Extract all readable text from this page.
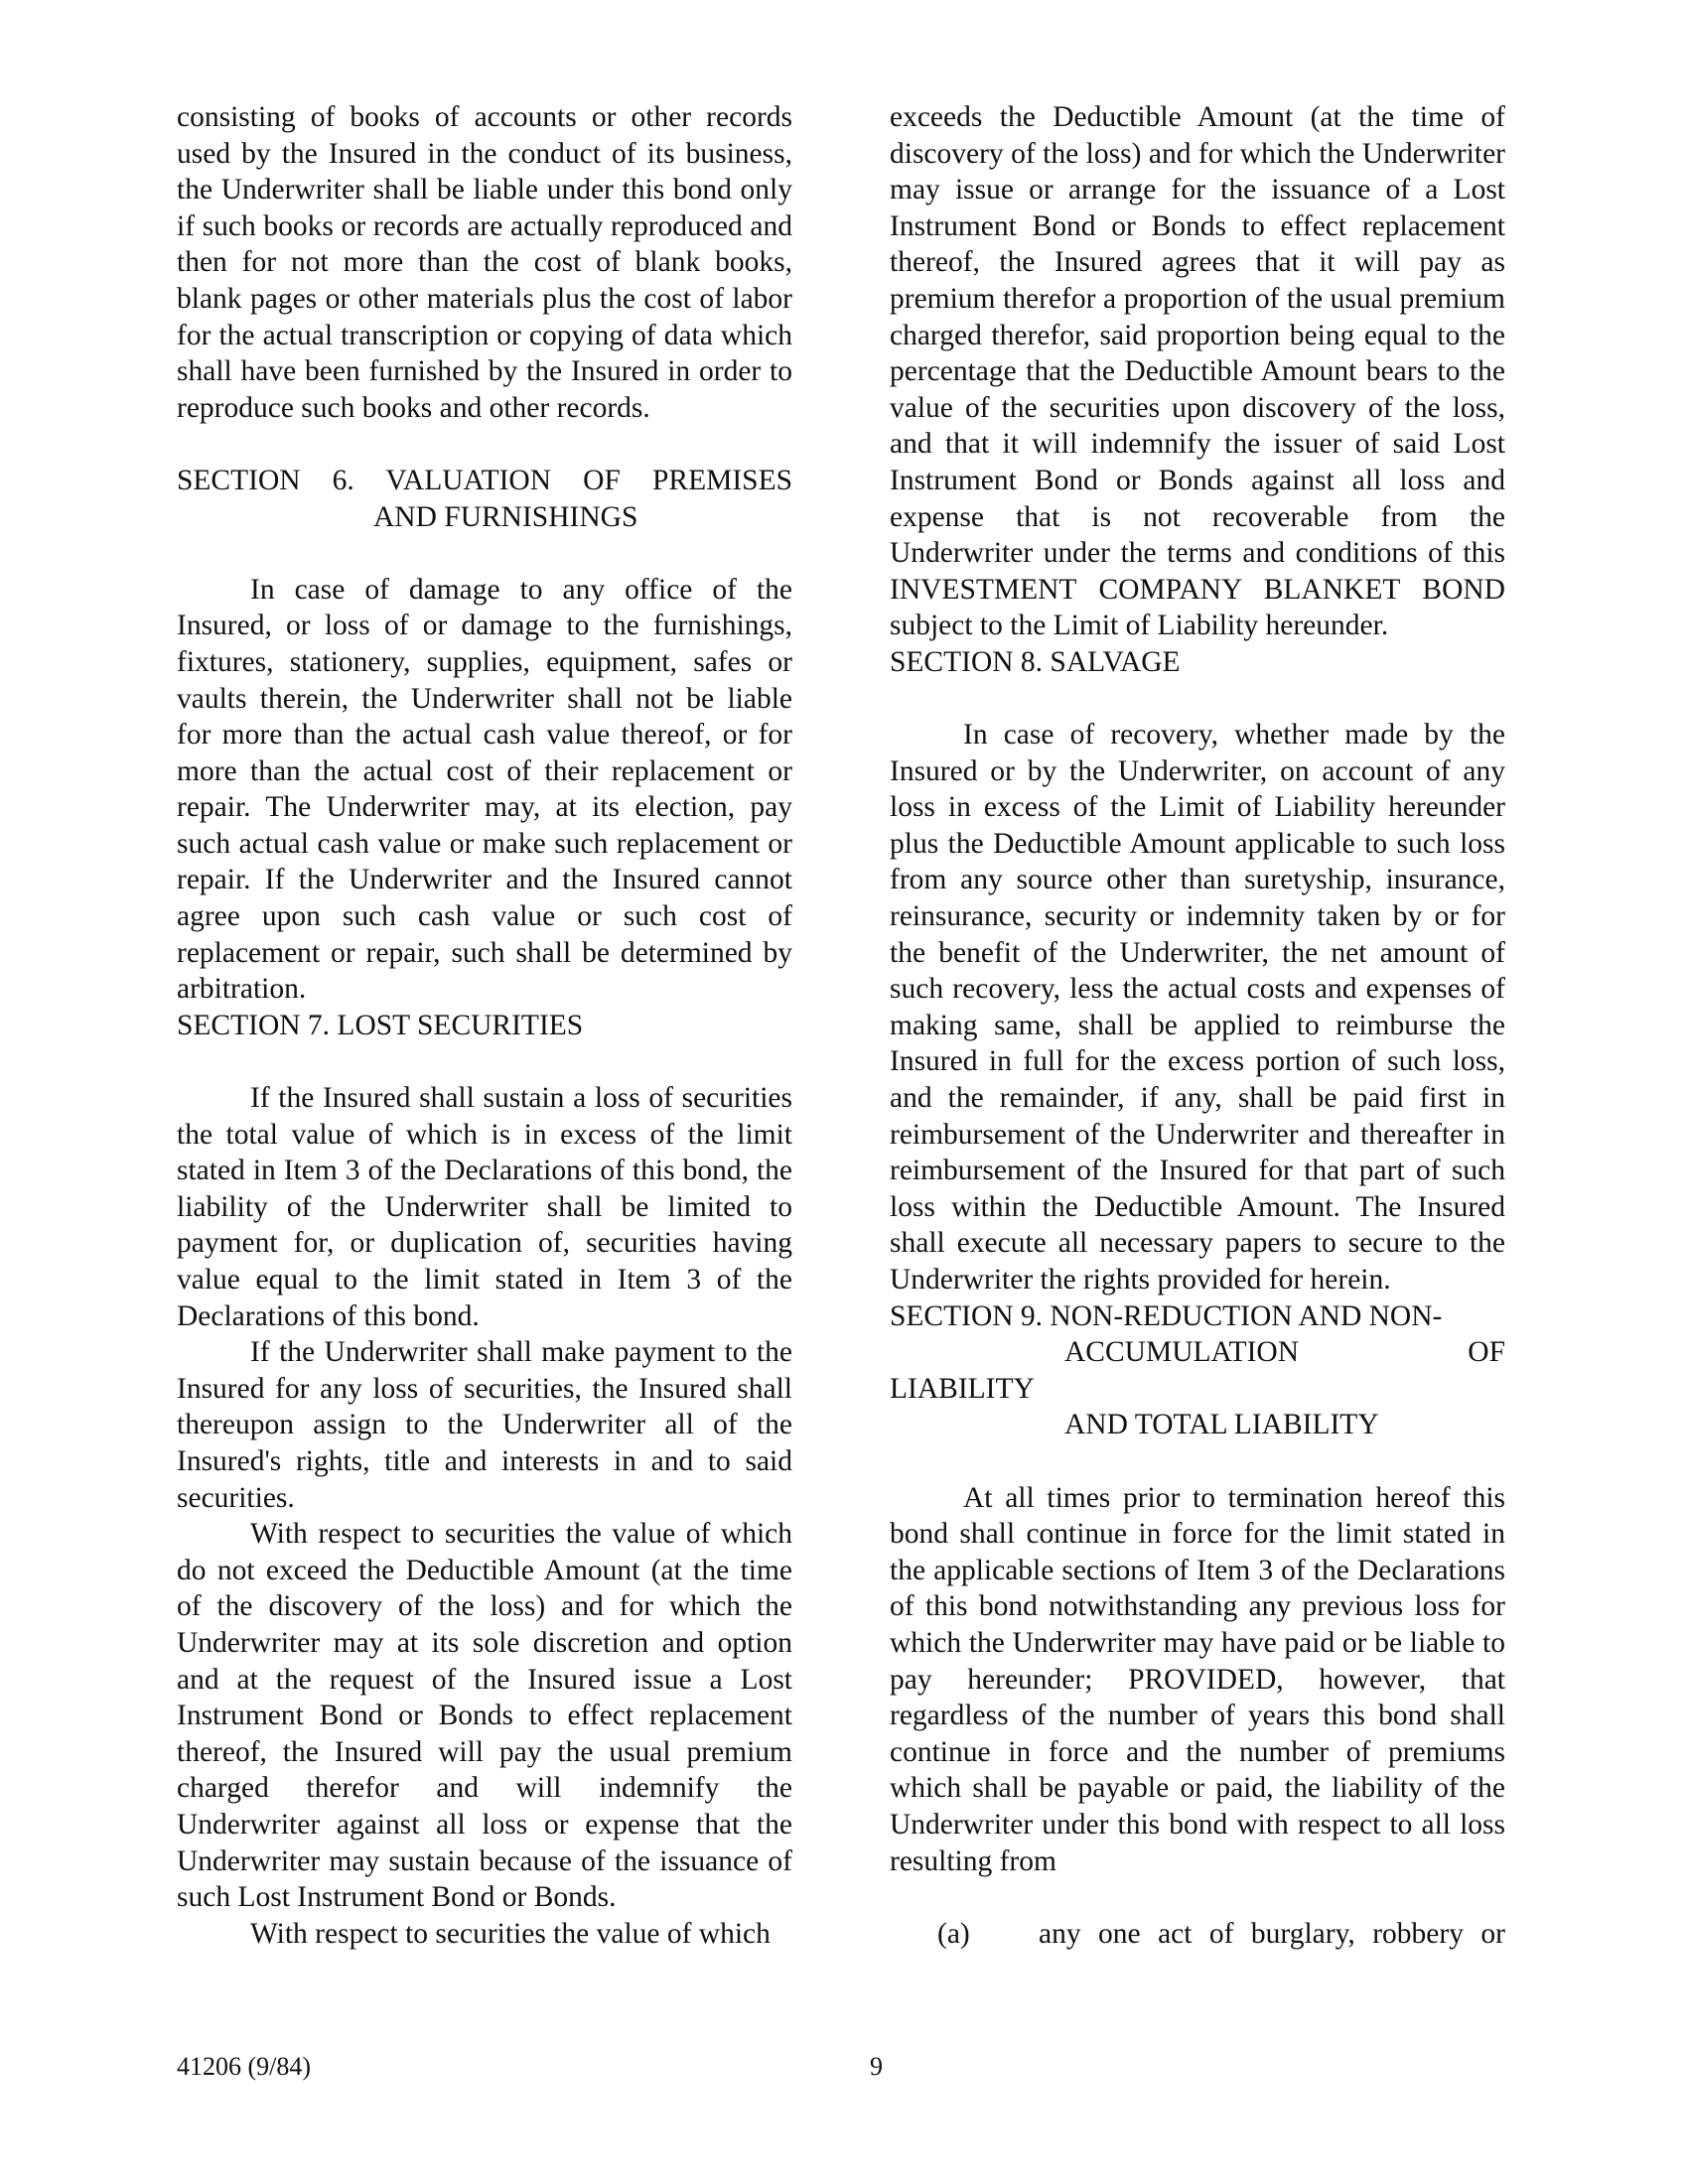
consisting of books of accounts or other records used by the Insured in the conduct of its business, the Underwriter shall be liable under this bond only if such books or records are actually reproduced and then for not more than the cost of blank books, blank pages or other materials plus the cost of labor for the actual transcription or copying of data which shall have been furnished by the Insured in order to reproduce such books and other records.

SECTION 6. VALUATION OF PREMISES

AND FURNISHINGS

In case of damage to any office of the Insured, or loss of or damage to the furnishings, fixtures, stationery, supplies, equipment, safes or vaults therein, the Underwriter shall not be liable for more than the actual cash value thereof, or for more than the actual cost of their replacement or repair. The Underwriter may, at its election, pay such actual cash value or make such replacement or repair. If the Underwriter and the Insured cannot agree upon such cash value or such cost of replacement or repair, such shall be determined by arbitration.

SECTION 7. LOST SECURITIES

If the Insured shall sustain a loss of securities the total value of which is in excess of the limit stated in Item 3 of the Declarations of this bond, the liability of the Underwriter shall be limited to payment for, or duplication of, securities having value equal to the limit stated in Item 3 of the Declarations of this bond.

If the Underwriter shall make payment to the Insured for any loss of securities, the Insured shall thereupon assign to the Underwriter all of the Insured's rights, title and interests in and to said securities.

With respect to securities the value of which do not exceed the Deductible Amount (at the time of the discovery of the loss) and for which the Underwriter may at its sole discretion and option and at the request of the Insured issue a Lost Instrument Bond or Bonds to effect replacement thereof, the Insured will pay the usual premium charged therefor and will indemnify the Underwriter against all loss or expense that the Underwriter may sustain because of the issuance of such Lost Instrument Bond or Bonds.

With respect to securities the value of which

exceeds the Deductible Amount (at the time of discovery of the loss) and for which the Underwriter may issue or arrange for the issuance of a Lost Instrument Bond or Bonds to effect replacement thereof, the Insured agrees that it will pay as premium therefor a proportion of the usual premium charged therefor, said proportion being equal to the percentage that the Deductible Amount bears to the value of the securities upon discovery of the loss, and that it will indemnify the issuer of said Lost Instrument Bond or Bonds against all loss and expense that is not recoverable from the Underwriter under the terms and conditions of this INVESTMENT COMPANY BLANKET BOND subject to the Limit of Liability hereunder.

SECTION 8. SALVAGE

In case of recovery, whether made by the Insured or by the Underwriter, on account of any loss in excess of the Limit of Liability hereunder plus the Deductible Amount applicable to such loss from any source other than suretyship, insurance, reinsurance, security or indemnity taken by or for the benefit of the Underwriter, the net amount of such recovery, less the actual costs and expenses of making same, shall be applied to reimburse the Insured in full for the excess portion of such loss, and the remainder, if any, shall be paid first in reimbursement of the Underwriter and thereafter in reimbursement of the Insured for that part of such loss within the Deductible Amount. The Insured shall execute all necessary papers to secure to the Underwriter the rights provided for herein.

SECTION 9. NON-REDUCTION AND NON-
ACCUMULATION	OF
LIABILITY
AND TOTAL LIABILITY

At all times prior to termination hereof this bond shall continue in force for the limit stated in the applicable sections of Item 3 of the Declarations of this bond notwithstanding any previous loss for which the Underwriter may have paid or be liable to pay hereunder; PROVIDED, however, that regardless of the number of years this bond shall continue in force and the number of premiums which shall be payable or paid, the liability of the Underwriter under this bond with respect to all loss resulting from

(a)	any one act of burglary, robbery or
41206 (9/84)	9
